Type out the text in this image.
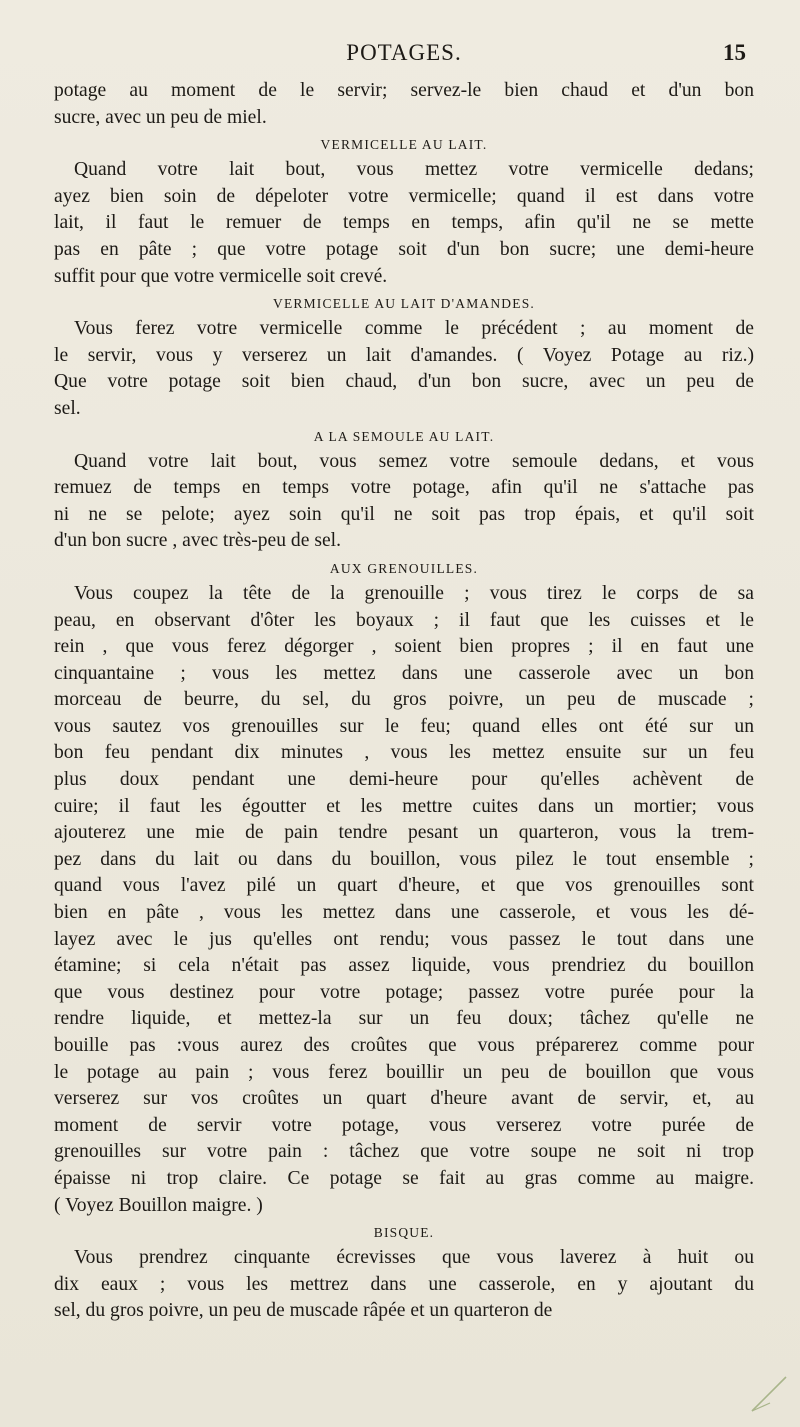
POTAGES.	15
potage au moment de le servir; servez-le bien chaud et d'un bon
sucre, avec un peu de miel.
VERMICELLE AU LAIT.
Quand votre lait bout, vous mettez votre vermicelle dedans;
ayez bien soin de dépeloter votre vermicelle; quand il est dans votre
lait, il faut le remuer de temps en temps, afin qu'il ne se mette
pas en pâte ; que votre potage soit d'un bon sucre; une demi-heure
suffit pour que votre vermicelle soit crevé.
VERMICELLE AU LAIT D'AMANDES.
Vous ferez votre vermicelle comme le précédent ; au moment de
le servir, vous y verserez un lait d'amandes. ( Voyez Potage au riz.)
Que votre potage soit bien chaud, d'un bon sucre, avec un peu de
sel.
A LA SEMOULE AU LAIT.
Quand votre lait bout, vous semez votre semoule dedans, et vous
remuez de temps en temps votre potage, afin qu'il ne s'attache pas
ni ne se pelote; ayez soin qu'il ne soit pas trop épais, et qu'il soit
d'un bon sucre , avec très-peu de sel.
AUX GRENOUILLES.
Vous coupez la tête de la grenouille ; vous tirez le corps de sa
peau, en observant d'ôter les boyaux ; il faut que les cuisses et le
rein , que vous ferez dégorger , soient bien propres ; il en faut une
cinquantaine ; vous les mettez dans une casserole avec un bon
morceau de beurre, du sel, du gros poivre, un peu de muscade ;
vous sautez vos grenouilles sur le feu; quand elles ont été sur un
bon feu pendant dix minutes , vous les mettez ensuite sur un feu
plus doux pendant une demi-heure pour qu'elles achèvent de
cuire; il faut les égoutter et les mettre cuites dans un mortier; vous
ajouterez une mie de pain tendre pesant un quarteron, vous la trem-
pez dans du lait ou dans du bouillon, vous pilez le tout ensemble ;
quand vous l'avez pilé un quart d'heure, et que vos grenouilles sont
bien en pâte , vous les mettez dans une casserole, et vous les dé-
layez avec le jus qu'elles ont rendu; vous passez le tout dans une
étamine; si cela n'était pas assez liquide, vous prendriez du bouillon
que vous destinez pour votre potage; passez votre purée pour la
rendre liquide, et mettez-la sur un feu doux; tâchez qu'elle ne
bouille pas :vous aurez des croûtes que vous préparerez comme pour
le potage au pain ; vous ferez bouillir un peu de bouillon que vous
verserez sur vos croûtes un quart d'heure avant de servir, et, au
moment de servir votre potage, vous verserez votre purée de
grenouilles sur votre pain : tâchez que votre soupe ne soit ni trop
épaisse ni trop claire. Ce potage se fait au gras comme au maigre.
( Voyez Bouillon maigre. )
BISQUE.
Vous prendrez cinquante écrevisses que vous laverez à huit ou
dix eaux ; vous les mettrez dans une casserole, en y ajoutant du
sel, du gros poivre, un peu de muscade râpée et un quarteron de
